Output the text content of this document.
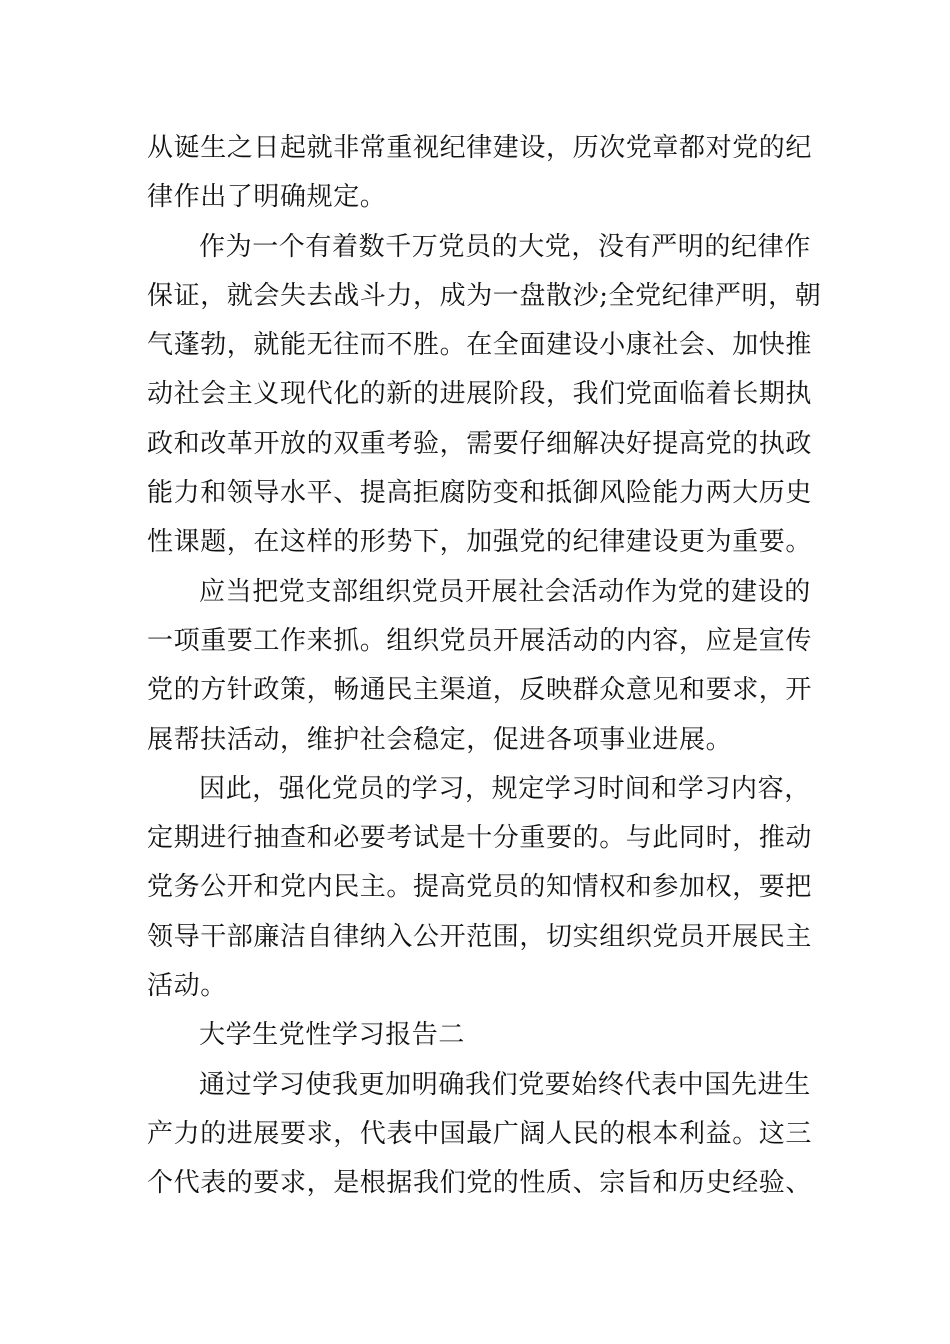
从诞生之日起就非常重视纪律建设，历次党章都对党的纪
律作出了明确规定。

作为一个有着数千万党员的大党，没有严明的纪律作
保证，就会失去战斗力，成为一盘散沙;全党纪律严明，朝
气蓬勃，就能无往而不胜。在全面建设小康社会、加快推
动社会主义现代化的新的进展阶段，我们党面临着长期执
政和改革开放的双重考验，需要仔细解决好提高党的执政
能力和领导水平、提高拒腐防变和抵御风险能力两大历史
性课题，在这样的形势下，加强党的纪律建设更为重要。

应当把党支部组织党员开展社会活动作为党的建设的
一项重要工作来抓。组织党员开展活动的内容，应是宣传
党的方针政策，畅通民主渠道，反映群众意见和要求，开
展帮扶活动，维护社会稳定，促进各项事业进展。

因此，强化党员的学习，规定学习时间和学习内容，
定期进行抽查和必要考试是十分重要的。与此同时，推动
党务公开和党内民主。提高党员的知情权和参加权，要把
领导干部廉洁自律纳入公开范围，切实组织党员开展民主
活动。

大学生党性学习报告二

通过学习使我更加明确我们党要始终代表中国先进生
产力的进展要求，代表中国最广阔人民的根本利益。这三
个代表的要求，是根据我们党的性质、宗旨和历史经验、
